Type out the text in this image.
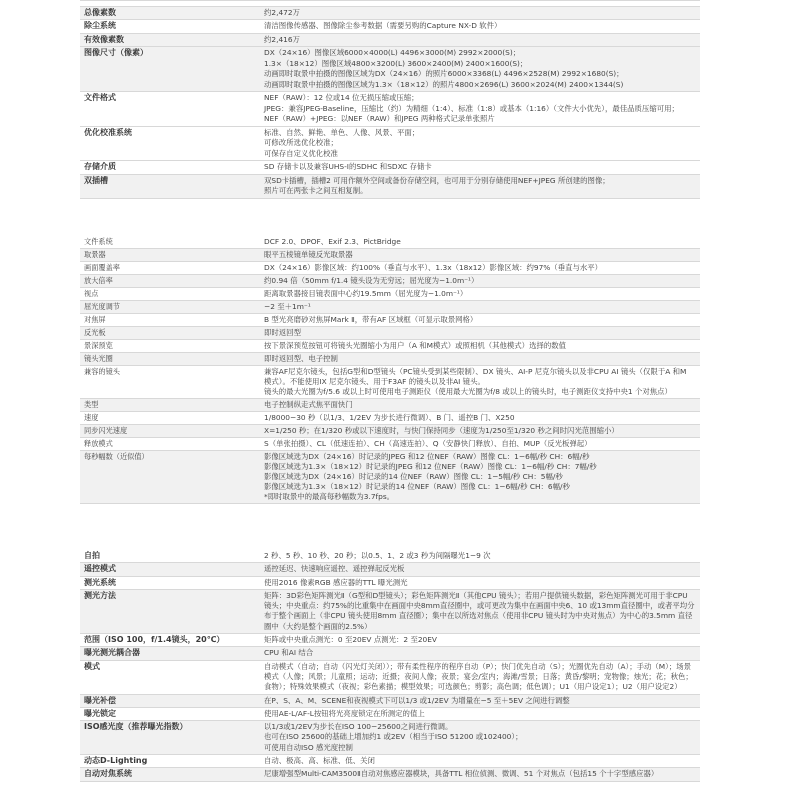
总像素数	约2,472万
除尘系统	清洁图像传感器、图像除尘参考数据（需要另购的Capture NX-D 软件）
有效像素数	约2,416万
图像尺寸（像素）	DX（24×16）图像区域6000×4000(L) 4496×3000(M) 2992×2000(S)；
1.3×（18×12）图像区域4800×3200(L) 3600×2400(M) 2400×1600(S)；
动画即时取景中拍摄的图像区域为DX（24×16）的照片6000×3368(L) 4496×2528(M) 2992×1680(S)；
动画即时取景中拍摄的图像区域为1.3×（18×12）的照片4800×2696(L) 3600×2024(M) 2400×1344(S)
文件格式	NEF（RAW）：12 位或14 位无损压缩或压缩；
JPEG：兼容JPEG-Baseline，压缩比（约）为精细（1:4）、标准（1:8）或基本（1:16）（文件大小优先），最佳品质压缩可用；
NEF（RAW）+JPEG：以NEF（RAW）和JPEG 两种格式记录单张照片
优化校准系统	标准、自然、鲜艳、单色、人像、风景、平面；
可修改所选优化校准；
可保存自定义优化校准
存储介质	SD 存储卡以及兼容UHS-Ⅰ的SDHC 和SDXC 存储卡
双插槽	双SD卡插槽，插槽2 可用作额外空间或备份存储空间，也可用于分别存储使用NEF+JPEG 所创建的图像；
照片可在两张卡之间互相复制。
文件系统	DCF 2.0、DPOF、Exif 2.3、PictBridge
取景器	眼平五棱镜单镜反光取景器
画面覆盖率	DX（24×16）影像区域：约100%（垂直与水平）、1.3x（18x12）影像区域：约97%（垂直与水平）
放大倍率	约0.94 倍（50mm f/1.4 镜头设为无穷远；屈光度为−1.0m⁻¹）
视点	距离取景器接目镜表面中心约19.5mm（屈光度为−1.0m⁻¹）
屈光度调节	−2 至＋1m⁻¹
对焦屏	B 型光亮磨砂对焦屏Mark Ⅱ，带有AF 区域框（可显示取景网格）
反光板	即时返回型
景深预览	按下景深预览按钮可将镜头光圈缩小为用户（A 和M模式）或照相机（其他模式）选择的数值
镜头光圈	即时返回型、电子控制
兼容的镜头	兼容AF尼克尔镜头，包括G型和D型镜头（PC镜头受到某些限制）、DX 镜头、AI-P 尼克尔镜头以及非CPU AI 镜头（仅限于A 和M 模式）。不能使用IX 尼克尔镜头、用于F3AF 的镜头以及非AI 镜头。
镜头的最大光圈为f/5.6 或以上时可使用电子测距仪（使用最大光圈为f/8 或以上的镜头时，电子测距仪支持中央1 个对焦点）
类型	电子控制纵走式焦平面快门
速度	1/8000−30 秒（以1/3、1/2EV 为步长进行微调）、B 门、遥控B 门、X250
同步闪光速度	X=1/250 秒；在1/320 秒或以下速度时，与快门保持同步（速度为1/250至1/320 秒之间时闪光范围缩小）
释放模式	S（单张拍摄）、CL（低速连拍）、CH（高速连拍）、Q（安静快门释放）、自拍、MUP（反光板弹起）
每秒幅数（近似值）	影像区域选为DX（24×16）时记录的JPEG 和12 位NEF（RAW）图像 CL：1−6幅/秒 CH：6幅/秒
影像区域选为1.3×（18×12）时记录的JPEG 和12 位NEF（RAW）图像 CL：1−6幅/秒 CH：7幅/秒
影像区域选为DX（24×16）时记录的14 位NEF（RAW）图像 CL：1−5幅/秒 CH：5幅/秒
影像区域选为1.3×（18×12）时记录的14 位NEF（RAW）图像 CL：1−6幅/秒 CH：6幅/秒
*即时取景中的最高每秒幅数为3.7fps。
自拍	2 秒、5 秒、10 秒、20 秒；以0.5、1、2 或3 秒为间隔曝光1−9 次
遥控模式	遥控延迟、快速响应遥控、遥控弹起反光板
测光系统	使用2016 像素RGB 感应器的TTL 曝光测光
测光方法	矩阵：3D彩色矩阵测光Ⅱ（G型和D型镜头）；彩色矩阵测光Ⅱ（其他CPU 镜头）；若用户提供镜头数据，彩色矩阵测光可用于非CPU 镜头；中央重点：约75%的比重集中在画面中央8mm直径圈中，或可更改为集中在画面中央6、10 或13mm直径圈中，或者平均分布于整个画面上（非CPU 镜头使用8mm 直径圈）；集中在以所选对焦点（使用非CPU 镜头时为中央对焦点）为中心的3.5mm 直径圈中（大约是整个画面的2.5%）
范围（ISO 100，f/1.4镜头，20℃）	矩阵或中央重点测光：0 至20EV 点测光：2 至20EV
曝光测光耦合器	CPU 和AI 结合
模式	自动模式（自动；自动（闪光灯关闭））；带有柔性程序的程序自动（P）；快门优先自动（S）；光圈优先自动（A）；手动（M）；场景模式（人像；风景；儿童照；运动；近摄；夜间人像；夜景；宴会/室内；海滩/雪景；日落；黄昏/黎明；宠物像；烛光；花；秋色；食物）；特殊效果模式（夜视；彩色素描；模型效果；可选颜色；剪影；高色调；低色调）；U1（用户设定1）；U2（用户设定2）
曝光补偿	在P、S、A、M、SCENE和夜视模式下可以1/3 或1/2EV 为增量在−5 至＋5EV 之间进行调整
曝光锁定	使用AE-L/AF-L按钮将光亮度锁定在所测定的值上
ISO感光度（推荐曝光指数）	以1/3或1/2EV为步长在ISO 100−25600之间进行微调。
也可在ISO 25600的基础上增加约1 或2EV（相当于ISO 51200 或102400）；
可使用自动ISO 感光度控制
动态D-Lighting	自动、极高、高、标准、低、关闭
自动对焦系统	尼康增强型Multi-CAM3500Ⅱ自动对焦感应器模块，具备TTL 相位侦测、微调、51 个对焦点（包括15 个十字型感应器）
